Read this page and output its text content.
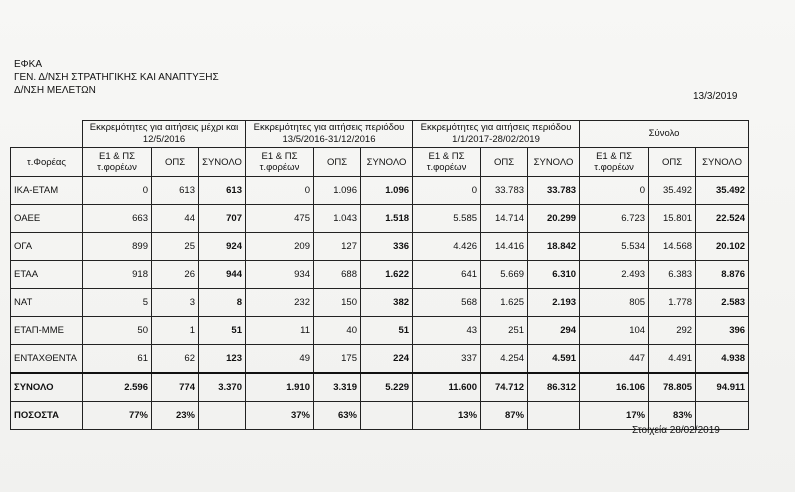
ΕΦΚΑ
ΓΕΝ. Δ/ΝΣΗ ΣΤΡΑΤΗΓΙΚΗΣ ΚΑΙ ΑΝΑΠΤΥΞΗΣ
Δ/ΝΣΗ ΜΕΛΕΤΩΝ
13/3/2019
	Εκκρεμότητες για αιτήσεις μέχρι και 12/5/2016			Εκκρεμότητες για αιτήσεις περιόδου 13/5/2016-31/12/2016			Εκκρεμότητες για αιτήσεις περιόδου 1/1/2017-28/02/2019			Σύνολο		
τ.Φορέας	Ε1 & ΠΣ τ.φορέων	ΟΠΣ	ΣΥΝΟΛΟ	Ε1 & ΠΣ τ.φορέων	ΟΠΣ	ΣΥΝΟΛΟ	Ε1 & ΠΣ τ.φορέων	ΟΠΣ	ΣΥΝΟΛΟ	Ε1 & ΠΣ τ.φορέων	ΟΠΣ	ΣΥΝΟΛΟ
ΙΚΑ-ΕΤΑΜ	0	613	613	0	1.096	1.096	0	33.783	33.783	0	35.492	35.492
ΟΑΕΕ	663	44	707	475	1.043	1.518	5.585	14.714	20.299	6.723	15.801	22.524
ΟΓΑ	899	25	924	209	127	336	4.426	14.416	18.842	5.534	14.568	20.102
ΕΤΑΑ	918	26	944	934	688	1.622	641	5.669	6.310	2.493	6.383	8.876
ΝΑΤ	5	3	8	232	150	382	568	1.625	2.193	805	1.778	2.583
ΕΤΑΠ-ΜΜΕ	50	1	51	11	40	51	43	251	294	104	292	396
ΕΝΤΑΧΘΕΝΤΑ	61	62	123	49	175	224	337	4.254	4.591	447	4.491	4.938
ΣΥΝΟΛΟ	2.596	774	3.370	1.910	3.319	5.229	11.600	74.712	86.312	16.106	78.805	94.911
ΠΟΣΟΣΤΑ	77%	23%		37%	63%		13%	87%		17%	83%	
Στοιχεία 28/02/2019
